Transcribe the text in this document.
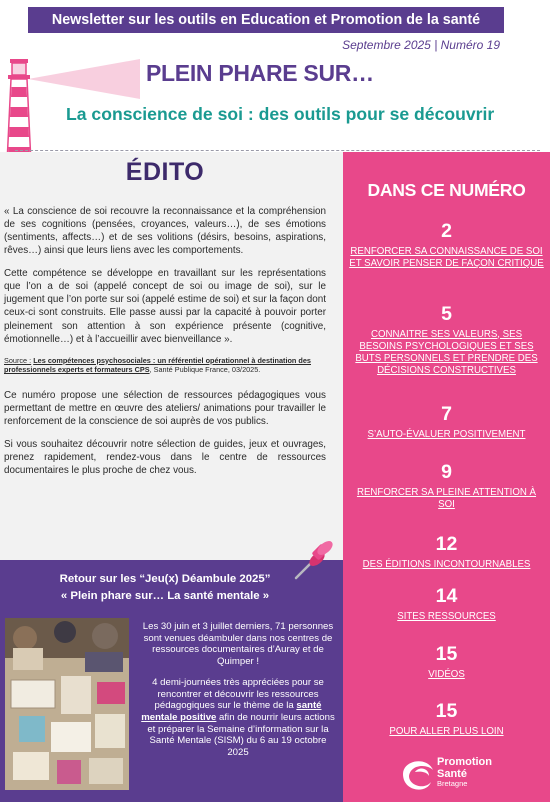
Newsletter sur les outils en Education et Promotion de la santé
Septembre 2025 | Numéro 19
PLEIN PHARE SUR…
La conscience de soi : des outils pour se découvrir
ÉDITO

« La conscience de soi recouvre la reconnaissance et la compréhension de ses cognitions (pensées, croyances, valeurs…), de ses émotions (sentiments, affects…) et de ses volitions (désirs, besoins, aspirations, rêves…) ainsi que leurs liens avec les comportements.

Cette compétence se développe en travaillant sur les représentations que l’on a de soi (appelé concept de soi ou image de soi), sur le jugement que l’on porte sur soi (appelé estime de soi) et sur la façon dont ceux-ci sont construits. Elle passe aussi par la capacité à pouvoir porter pleinement son attention à son expérience présente (cognitive, émotionnelle…) et à l’accueillir avec bienveillance ».

Source : Les compétences psychosociales : un référentiel opérationnel à destination des professionnels experts et formateurs CPS, Santé Publique France, 03/2025.

Ce numéro propose une sélection de ressources pédagogiques vous permettant de mettre en œuvre des ateliers/ animations pour travailler le renforcement de la conscience de soi auprès de vos publics.

Si vous souhaitez découvrir notre sélection de guides, jeux et ouvrages, prenez rapidement, rendez-vous dans le centre de ressources documentaires le plus proche de chez vous.

Retour sur les “Jeu(x) Déambule 2025”
« Plein phare sur… La santé mentale »

Les 30 juin et 3 juillet derniers, 71 personnes sont venues déambuler dans nos centres de ressources documentaires d’Auray et de Quimper !

4 demi-journées très appréciées pour se rencontrer et découvrir les ressources pédagogiques sur le thème de la santé mentale positive afin de nourrir leurs actions et préparer la Semaine d’information sur la Santé Mentale (SISM) du 6 au 19 octobre 2025

DANS CE NUMÉRO
2
RENFORCER SA CONNAISSANCE DE SOI ET SAVOIR PENSER DE FAÇON CRITIQUE
5
CONNAITRE SES VALEURS, SES BESOINS PSYCHOLOGIQUES ET SES BUTS PERSONNELS ET PRENDRE DES DÉCISIONS CONSTRUCTIVES
7
S’AUTO-ÉVALUER POSITIVEMENT
9
RENFORCER SA PLEINE ATTENTION À SOI
12
DES ÉDITIONS INCONTOURNABLES
14
SITES RESSOURCES
15
VIDÉOS
15
POUR ALLER PLUS LOIN
Promotion
Santé
Bretagne
